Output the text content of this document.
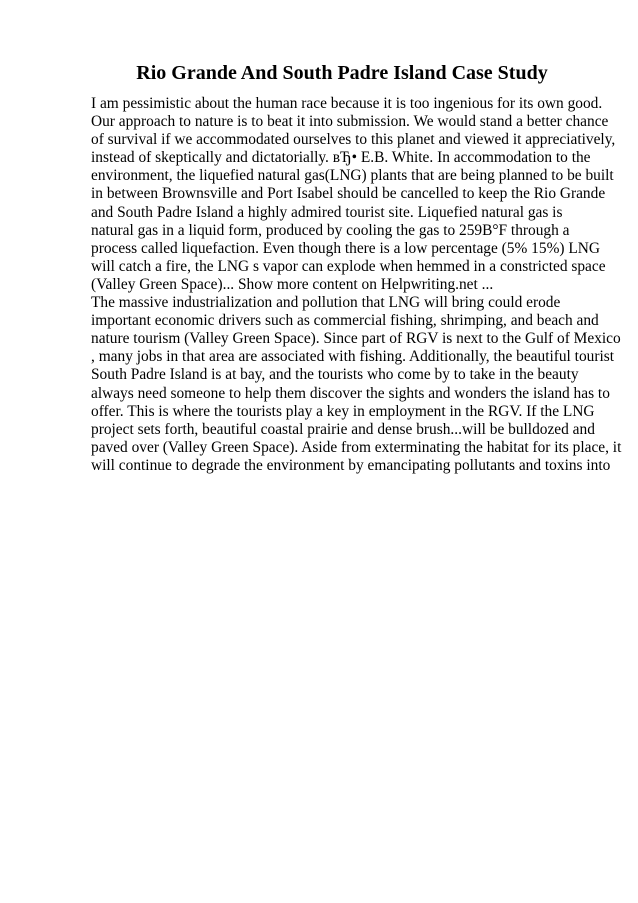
Rio Grande And South Padre Island Case Study
I am pessimistic about the human race because it is too ingenious for its own good.
Our approach to nature is to beat it into submission. We would stand a better chance
of survival if we accommodated ourselves to this planet and viewed it appreciatively,
instead of skeptically and dictatorially. вЂ• E.B. White. In accommodation to the
environment, the liquefied natural gas(LNG) plants that are being planned to be built
in between Brownsville and Port Isabel should be cancelled to keep the Rio Grande
and South Padre Island a highly admired tourist site. Liquefied natural gas is
natural gas in a liquid form, produced by cooling the gas to 259В°F through a
process called liquefaction. Even though there is a low percentage (5% 15%) LNG
will catch a fire, the LNG s vapor can explode when hemmed in a constricted space
(Valley Green Space)... Show more content on Helpwriting.net ...
The massive industrialization and pollution that LNG will bring could erode
important economic drivers such as commercial fishing, shrimping, and beach and
nature tourism (Valley Green Space). Since part of RGV is next to the Gulf of Mexico
, many jobs in that area are associated with fishing. Additionally, the beautiful tourist
South Padre Island is at bay, and the tourists who come by to take in the beauty
always need someone to help them discover the sights and wonders the island has to
offer. This is where the tourists play a key in employment in the RGV. If the LNG
project sets forth, beautiful coastal prairie and dense brush...will be bulldozed and
paved over (Valley Green Space). Aside from exterminating the habitat for its place, it
will continue to degrade the environment by emancipating pollutants and toxins into
